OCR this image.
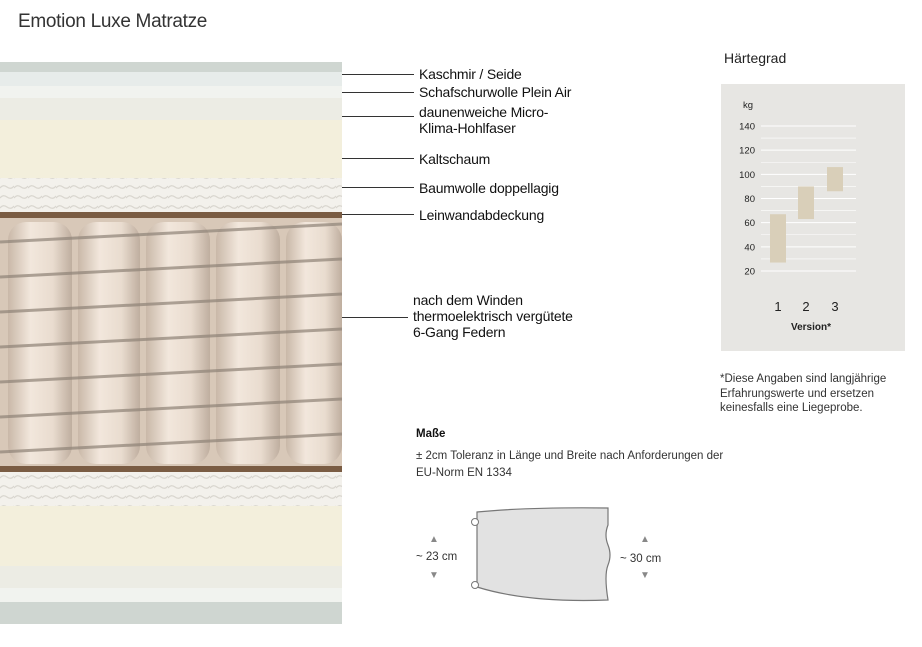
Emotion Luxe Matratze
Kaschmir / Seide
Schafschurwolle Plein Air
daunenweiche Micro-
Klima-Hohlfaser
Kaltschaum
Baumwolle doppellagig
Leinwandabdeckung
nach dem Winden
thermoelektrisch vergütete
6-Gang Federn
Härtegrad
kg
20
40
60
80
100
120
140
1 2 3
Version*
*Diese Angaben sind langjährige Erfahrungswerte und ersetzen keinesfalls eine Liegeprobe.
Maße
± 2cm Toleranz in Länge und Breite nach Anforderungen der EU-Norm EN 1334
▲
~ 23 cm
▼
▲
~ 30 cm
▼
